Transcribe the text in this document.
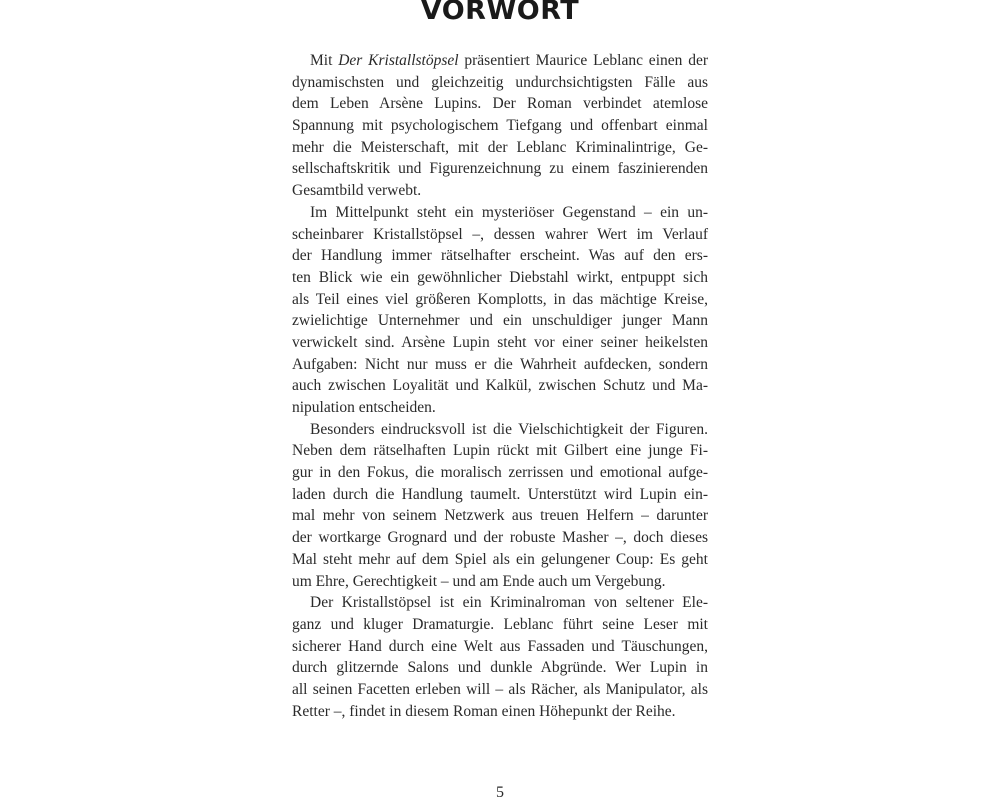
VORWORT

Mit Der Kristallstöpsel präsentiert Maurice Leblanc einen der
dynamischsten und gleichzeitig undurchsichtigsten Fälle aus
dem Leben Arsène Lupins. Der Roman verbindet atemlose
Spannung mit psychologischem Tiefgang und offenbart einmal
mehr die Meisterschaft, mit der Leblanc Kriminalintrige, Ge-
sellschaftskritik und Figurenzeichnung zu einem faszinierenden
Gesamtbild verwebt.

Im Mittelpunkt steht ein mysteriöser Gegenstand – ein un-
scheinbarer Kristallstöpsel –, dessen wahrer Wert im Verlauf
der Handlung immer rätselhafter erscheint. Was auf den ers-
ten Blick wie ein gewöhnlicher Diebstahl wirkt, entpuppt sich
als Teil eines viel größeren Komplotts, in das mächtige Kreise,
zwielichtige Unternehmer und ein unschuldiger junger Mann
verwickelt sind. Arsène Lupin steht vor einer seiner heikelsten
Aufgaben: Nicht nur muss er die Wahrheit aufdecken, sondern
auch zwischen Loyalität und Kalkül, zwischen Schutz und Ma-
nipulation entscheiden.

Besonders eindrucksvoll ist die Vielschichtigkeit der Figuren.
Neben dem rätselhaften Lupin rückt mit Gilbert eine junge Fi-
gur in den Fokus, die moralisch zerrissen und emotional aufge-
laden durch die Handlung taumelt. Unterstützt wird Lupin ein-
mal mehr von seinem Netzwerk aus treuen Helfern – darunter
der wortkarge Grognard und der robuste Masher –, doch dieses
Mal steht mehr auf dem Spiel als ein gelungener Coup: Es geht
um Ehre, Gerechtigkeit – und am Ende auch um Vergebung.

Der Kristallstöpsel ist ein Kriminalroman von seltener Ele-
ganz und kluger Dramaturgie. Leblanc führt seine Leser mit
sicherer Hand durch eine Welt aus Fassaden und Täuschungen,
durch glitzernde Salons und dunkle Abgründe. Wer Lupin in
all seinen Facetten erleben will – als Rächer, als Manipulator, als
Retter –, findet in diesem Roman einen Höhepunkt der Reihe.

5
